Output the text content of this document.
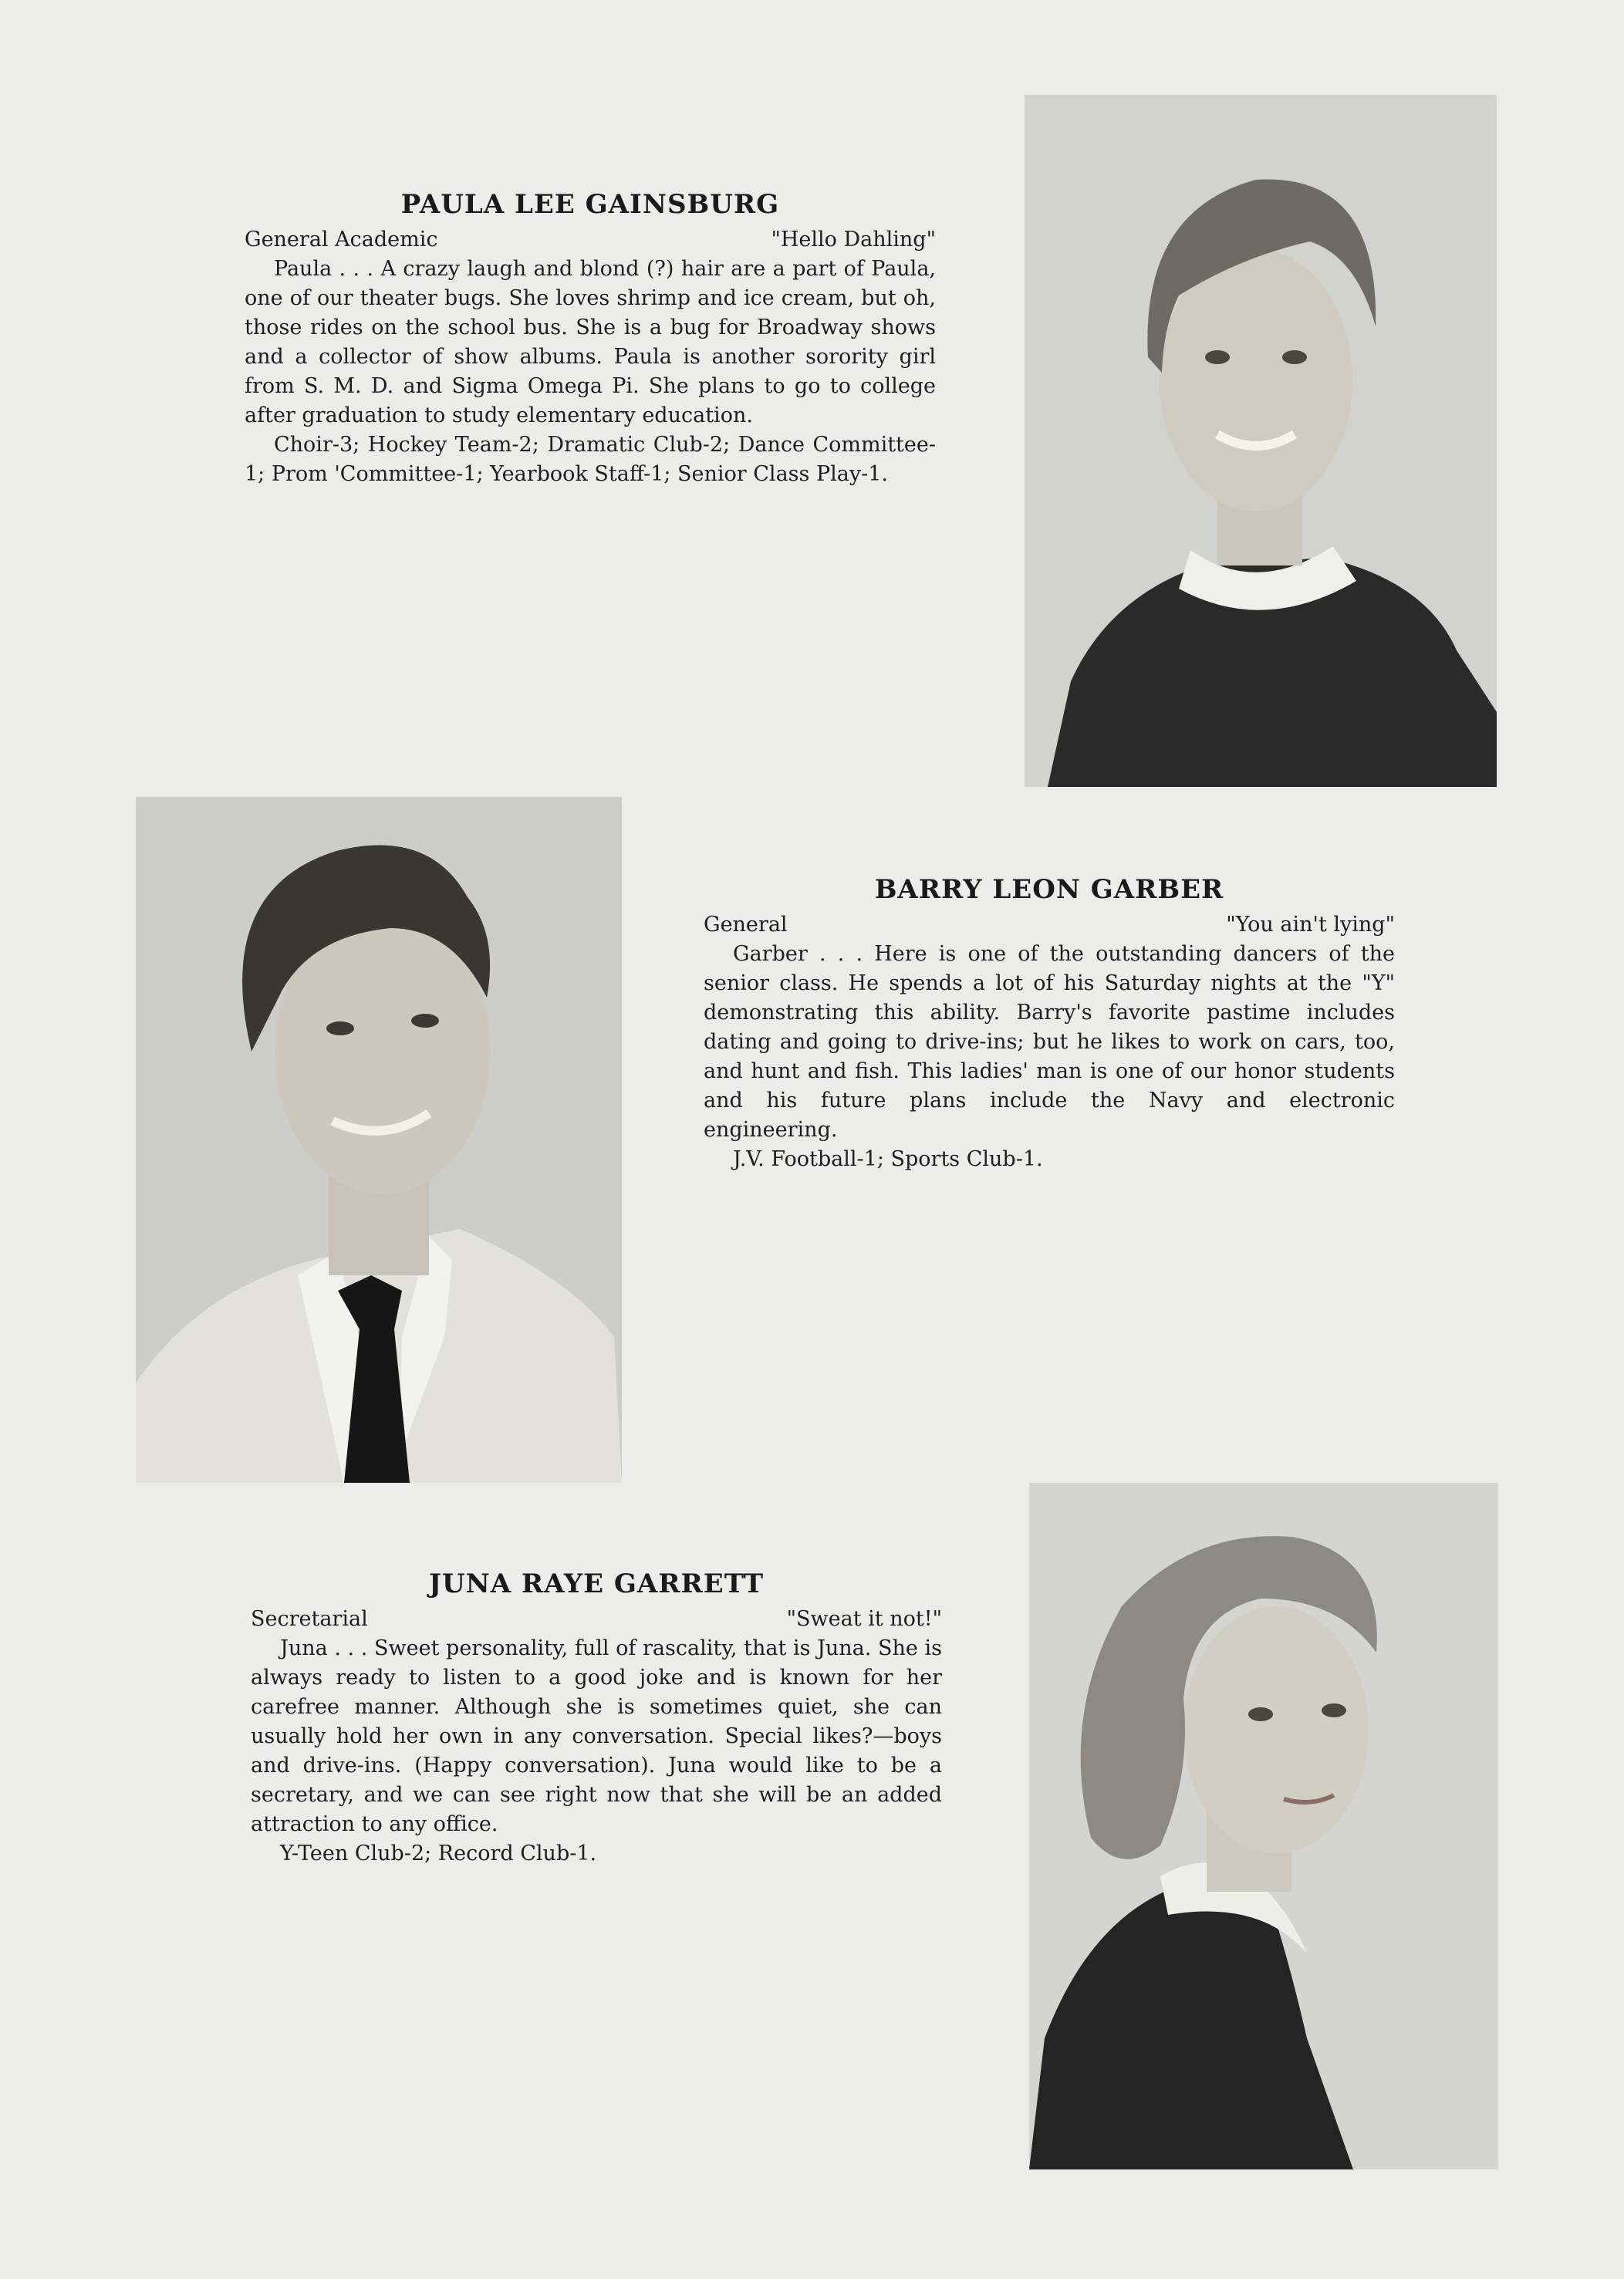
PAULA LEE GAINSBURG
General Academic	"Hello Dahling"

Paula . . . A crazy laugh and blond (?) hair are a part of Paula, one of our theater bugs. She loves shrimp and ice cream, but oh, those rides on the school bus. She is a bug for Broadway shows and a collector of show albums. Paula is another sorority girl from S. M. D. and Sigma Omega Pi. She plans to go to college after graduation to study elementary education.

Choir-3; Hockey Team-2; Dramatic Club-2; Dance Committee-1; Prom 'Committee-1; Yearbook Staff-1; Senior Class Play-1.

BARRY LEON GARBER
General	"You ain't lying"

Garber . . . Here is one of the outstanding dancers of the senior class. He spends a lot of his Saturday nights at the "Y" demonstrating this ability. Barry's favorite pastime includes dating and going to drive-ins; but he likes to work on cars, too, and hunt and fish. This ladies' man is one of our honor students and his future plans include the Navy and electronic engineering.

J.V. Football-1; Sports Club-1.

JUNA RAYE GARRETT
Secretarial	"Sweat it not!"

Juna . . . Sweet personality, full of rascality, that is Juna. She is always ready to listen to a good joke and is known for her carefree manner. Although she is sometimes quiet, she can usually hold her own in any conversation. Special likes?—boys and drive-ins. (Happy conversation). Juna would like to be a secretary, and we can see right now that she will be an added attraction to any office.

Y-Teen Club-2; Record Club-1.
